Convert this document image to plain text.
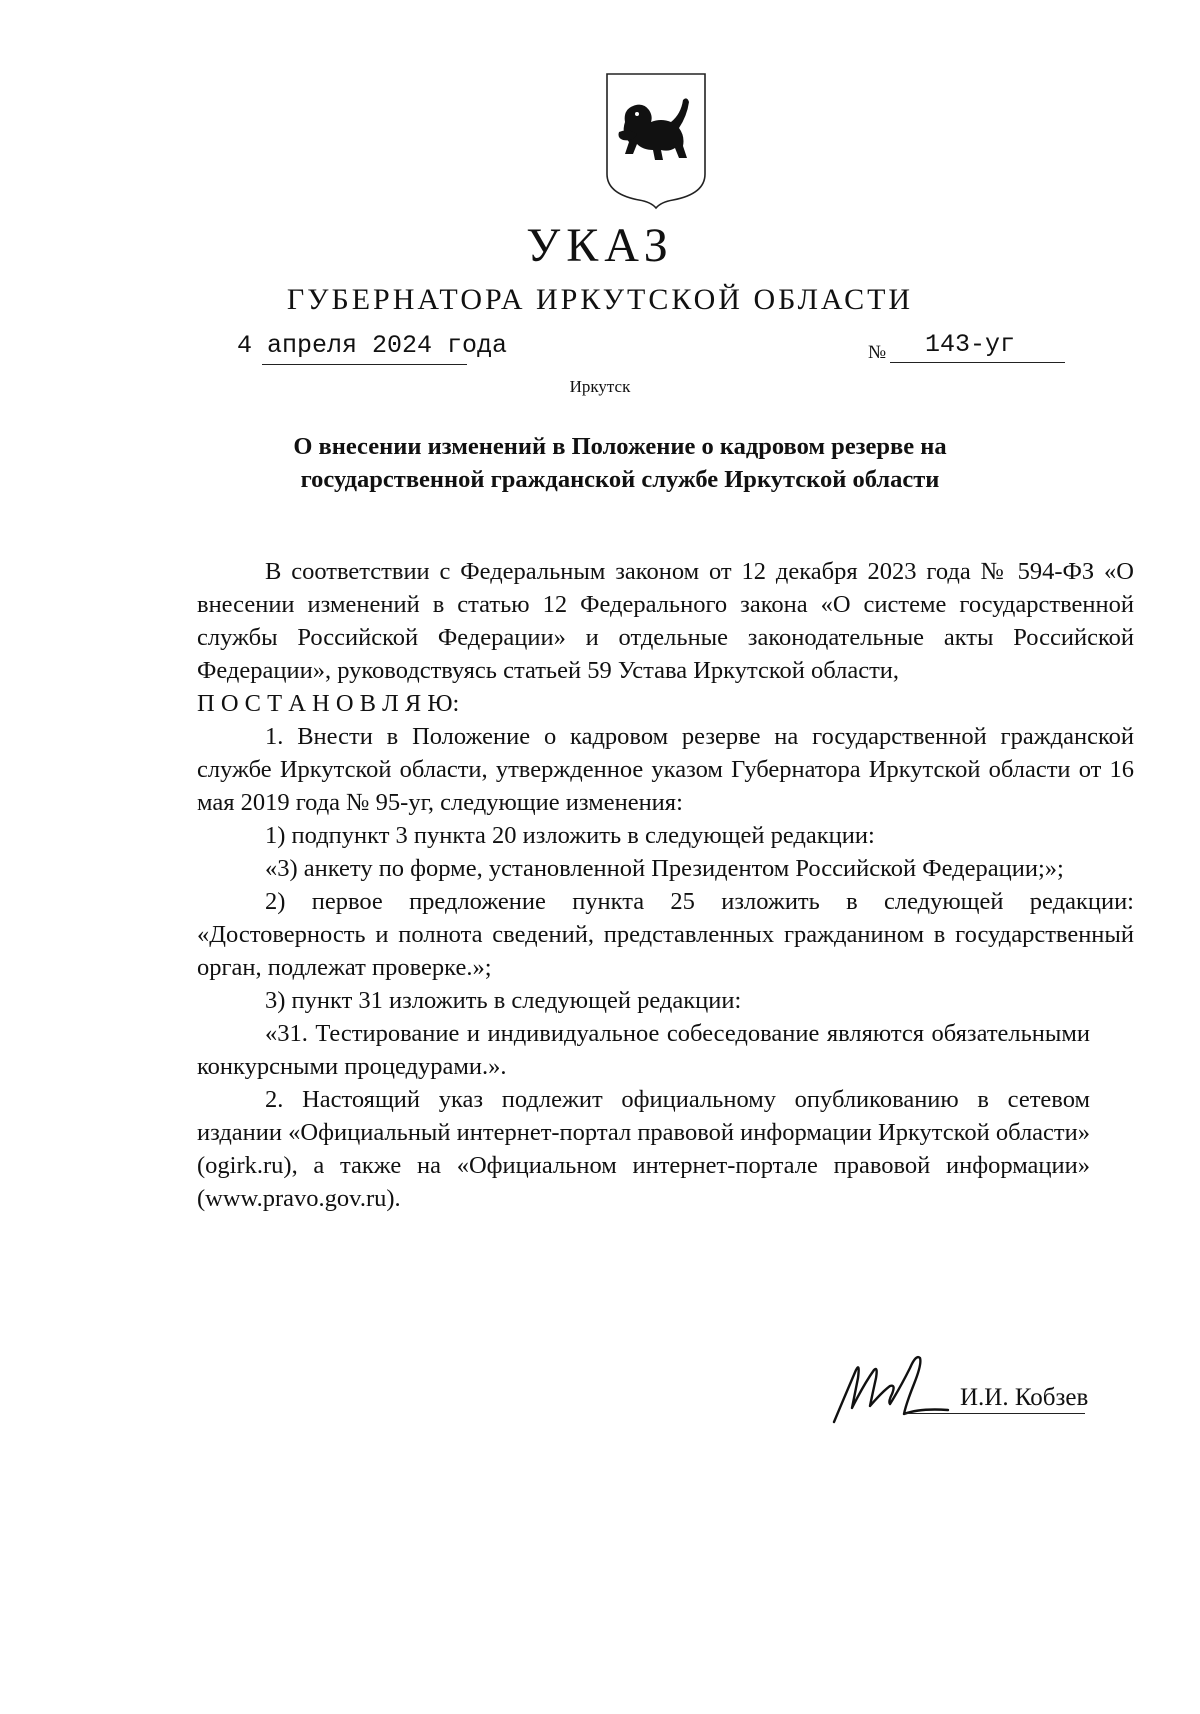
УКАЗ
ГУБЕРНАТОРА ИРКУТСКОЙ ОБЛАСТИ
4 апреля 2024 года	№ 143-уг
Иркутск
О внесении изменений в Положение о кадровом резерве на
государственной гражданской службе Иркутской области

В соответствии с Федеральным законом от 12 декабря 2023 года № 594-ФЗ «О внесении изменений в статью 12 Федерального закона «О системе государственной службы Российской Федерации» и отдельные законодательные акты Российской Федерации», руководствуясь статьей 59 Устава Иркутской области,

П О С Т А Н О В Л Я Ю:

1. Внести в Положение о кадровом резерве на государственной гражданской службе Иркутской области, утвержденное указом Губернатора Иркутской области от 16 мая 2019 года № 95-уг, следующие изменения:

1) подпункт 3 пункта 20 изложить в следующей редакции:

«3) анкету по форме, установленной Президентом Российской Федерации;»;

2) первое предложение пункта 25 изложить в следующей редакции: «Достоверность и полнота сведений, представленных гражданином в государственный орган, подлежат проверке.»;

3) пункт 31 изложить в следующей редакции:

«31. Тестирование и индивидуальное собеседование являются обязательными конкурсными процедурами.».

2. Настоящий указ подлежит официальному опубликованию в сетевом издании «Официальный интернет-портал правовой информации Иркутской области» (ogirk.ru), а также на «Официальном интернет-портале правовой информации» (www.pravo.gov.ru).

И.И. Кобзев
